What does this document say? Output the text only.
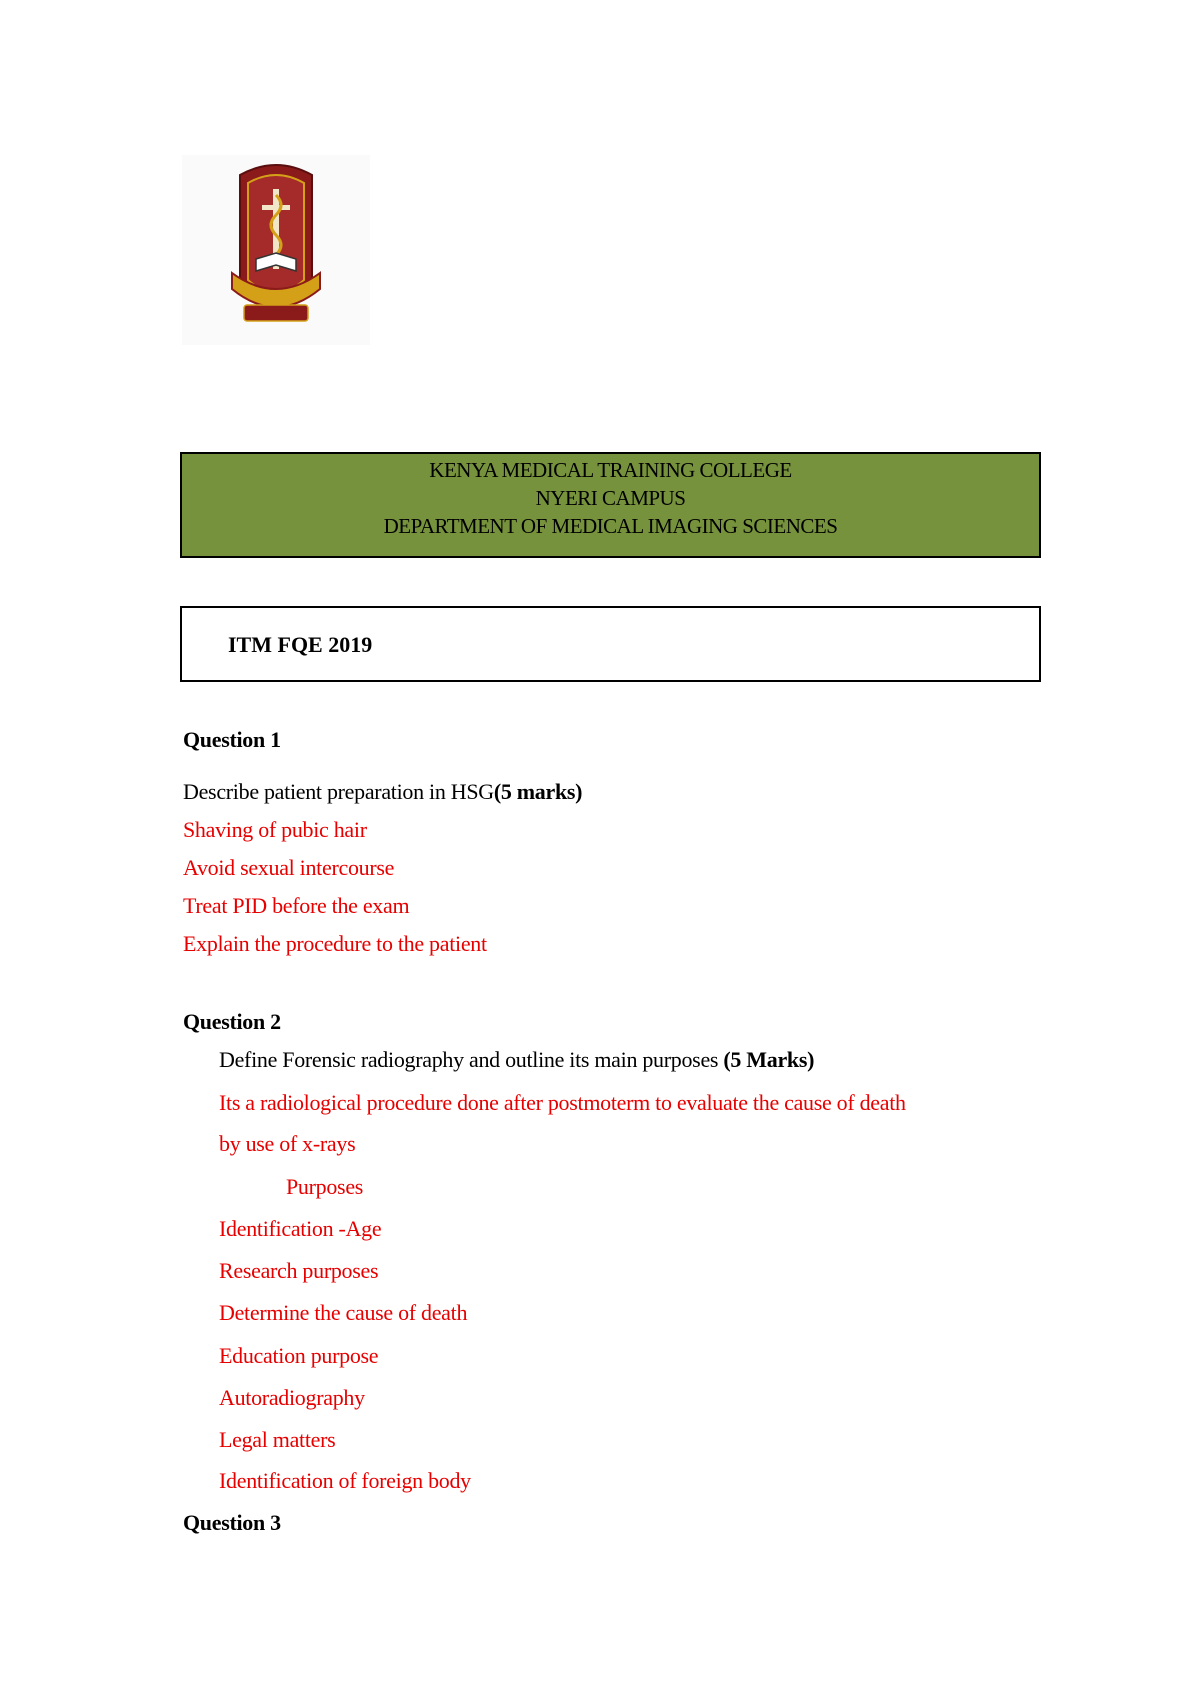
KENYA MEDICAL TRAINING COLLEGE
NYERI CAMPUS
DEPARTMENT OF MEDICAL IMAGING SCIENCES
ITM FQE 2019
Question 1
Describe patient preparation in HSG(5 marks)
Shaving of pubic hair
Avoid sexual intercourse
Treat PID before the exam
Explain the procedure to the patient
Question 2
Define Forensic radiography and outline its main purposes (5 Marks)
Its a radiological procedure done after postmoterm to evaluate the cause of death
by use of x-rays
Purposes
Identification -Age
Research purposes
Determine the cause of death
Education purpose
Autoradiography
Legal matters
Identification of foreign body
Question 3
